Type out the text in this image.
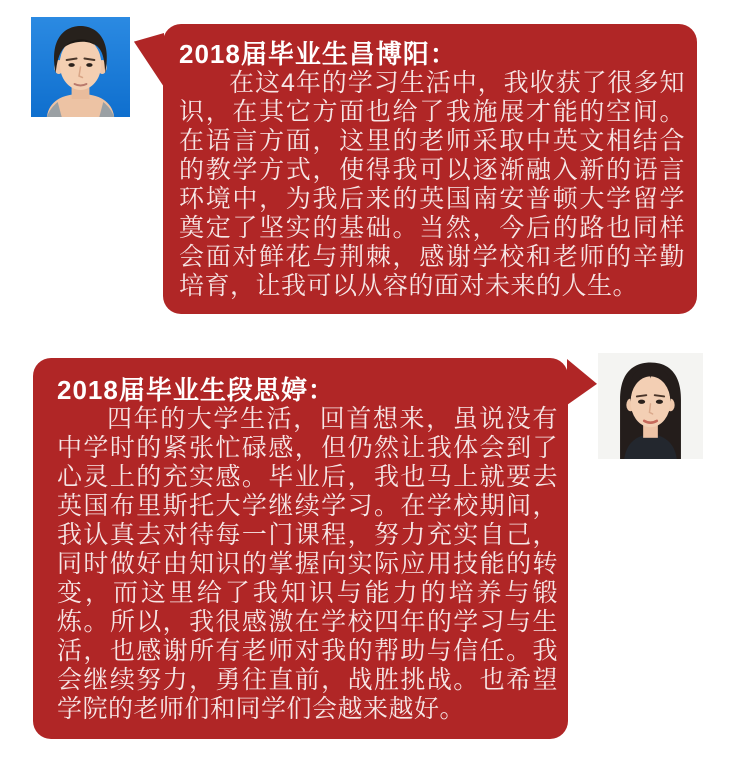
2018届毕业生昌博阳：
在这4年的学习生活中，我收获了很多知识，在其它方面也给了我施展才能的空间。在语言方面，这里的老师采取中英文相结合的教学方式，使得我可以逐渐融入新的语言环境中，为我后来的英国南安普顿大学留学奠定了坚实的基础。当然，今后的路也同样会面对鲜花与荆棘，感谢学校和老师的辛勤培育，让我可以从容的面对未来的人生。
2018届毕业生段思婷：
四年的大学生活，回首想来，虽说没有中学时的紧张忙碌感，但仍然让我体会到了心灵上的充实感。毕业后，我也马上就要去英国布里斯托大学继续学习。在学校期间，我认真去对待每一门课程，努力充实自己，同时做好由知识的掌握向实际应用技能的转变，而这里给了我知识与能力的培养与锻炼。所以，我很感激在学校四年的学习与生活，也感谢所有老师对我的帮助与信任。我会继续努力，勇往直前，战胜挑战。也希望学院的老师们和同学们会越来越好。
